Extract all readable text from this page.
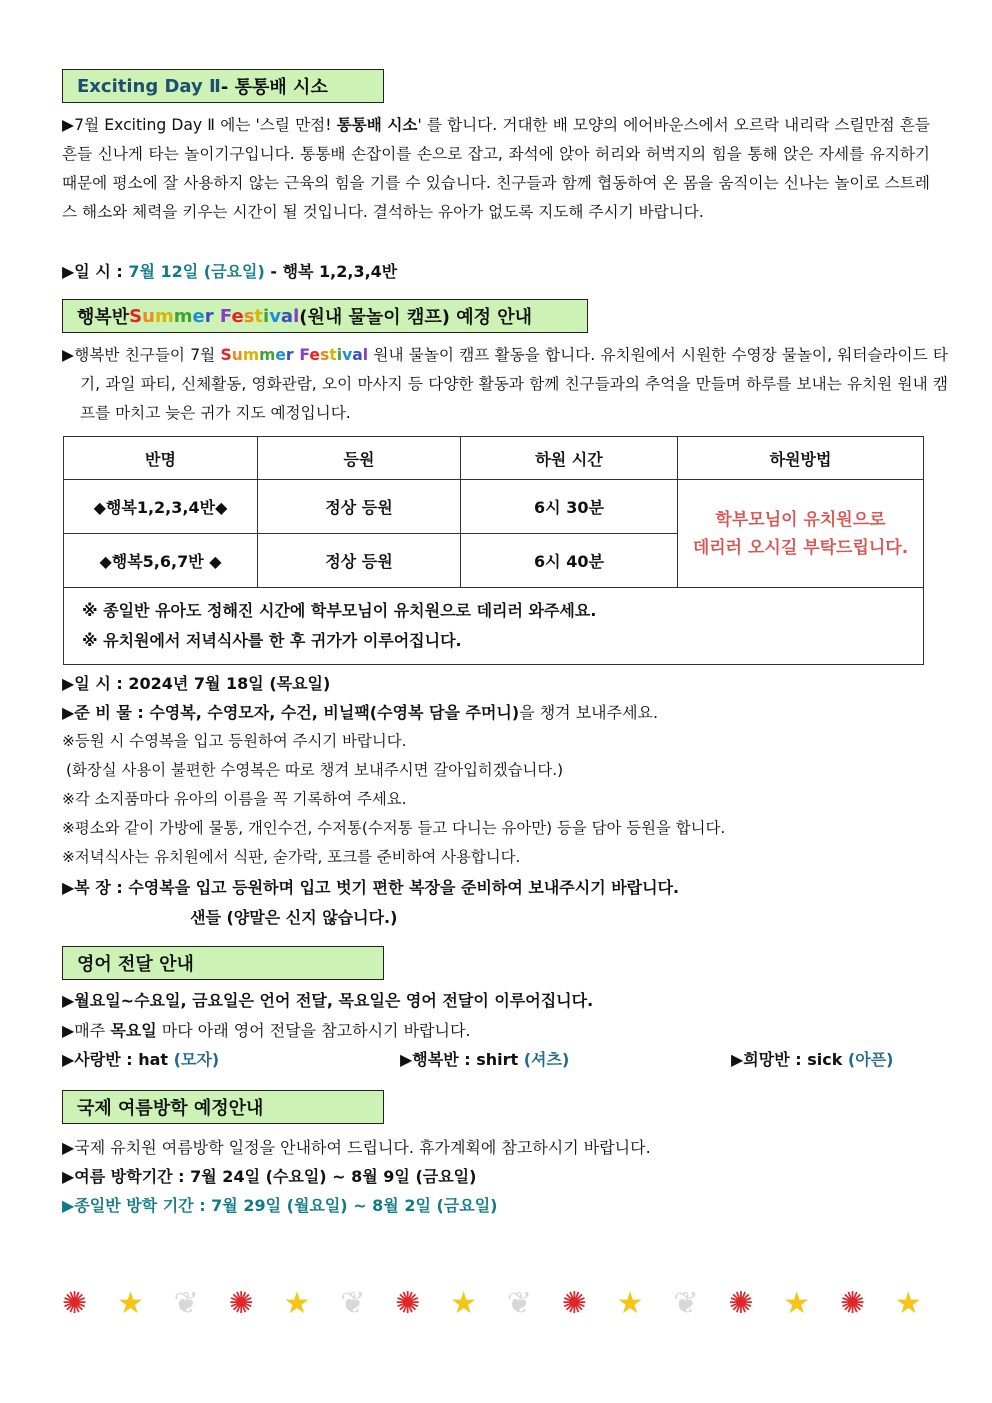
Exciting Day Ⅱ - 통통배 시소
▶7월 Exciting Day Ⅱ 에는 '스릴 만점! 통통배 시소' 를 합니다. 거대한 배 모양의 에어바운스에서 오르락 내리락 스릴만점 흔들흔들 신나게 타는 놀이기구입니다. 통통배 손잡이를 손으로 잡고, 좌석에 앉아 허리와 허벅지의 힘을 통해 앉은 자세를 유지하기 때문에 평소에 잘 사용하지 않는 근육의 힘을 기를 수 있습니다. 친구들과 함께 협동하여 온 몸을 움직이는 신나는 놀이로 스트레스 해소와 체력을 키우는 시간이 될 것입니다. 결석하는 유아가 없도록 지도해 주시기 바랍니다.
▶일 시 : 7월 12일 (금요일) - 행복 1,2,3,4반
행복반 Summer Festival (원내 물놀이 캠프) 예정 안내
▶행복반 친구들이 7월 Summer Festival 원내 물놀이 캠프 활동을 합니다. 유치원에서 시원한 수영장 물놀이, 워터슬라이드 타기, 과일 파티, 신체활동, 영화관람, 오이 마사지 등 다양한 활동과 함께 친구들과의 추억을 만들며 하루를 보내는 유치원 원내 캠프를 마치고 늦은 귀가 지도 예정입니다.
반명	등원	하원 시간	하원방법
◆행복1,2,3,4반◆	정상 등원	6시 30분	학부모님이 유치원으로
데리러 오시길 부탁드립니다.

◆행복5,6,7반 ◆	정상 등원	6시 40분	

※ 종일반 유아도 정해진 시간에 학부모님이 유치원으로 데리러 와주세요.
※ 유치원에서 저녁식사를 한 후 귀가가 이루어집니다.			
▶일 시 : 2024년 7월 18일 (목요일)
▶준 비 물 : 수영복, 수영모자, 수건, 비닐팩(수영복 담을 주머니)을 챙겨 보내주세요.
※등원 시 수영복을 입고 등원하여 주시기 바랍니다.
(화장실 사용이 불편한 수영복은 따로 챙겨 보내주시면 갈아입히겠습니다.)
※각 소지품마다 유아의 이름을 꼭 기록하여 주세요.
※평소와 같이 가방에 물통, 개인수건, 수저통(수저통 들고 다니는 유아만) 등을 담아 등원을 합니다.
※저녁식사는 유치원에서 식판, 숟가락, 포크를 준비하여 사용합니다.
▶복 장 : 수영복을 입고 등원하며 입고 벗기 편한 복장을 준비하여 보내주시기 바랍니다.
샌들 (양말은 신지 않습니다.)
영어 전달 안내
▶월요일~수요일, 금요일은 언어 전달, 목요일은 영어 전달이 이루어집니다.
▶매주 목요일 마다 아래 영어 전달을 참고하시기 바랍니다.
▶사랑반 : hat (모자)	▶행복반 : shirt (셔츠)	▶희망반 : sick (아픈)
국제 여름방학 예정안내
▶국제 유치원 여름방학 일정을 안내하여 드립니다. 휴가계획에 참고하시기 바랍니다.
▶여름 방학기간 : 7월 24일 (수요일) ~ 8월 9일 (금요일)
▶종일반 방학 기간 : 7월 29일 (월요일) ~ 8월 2일 (금요일)
✺ ★ ❦ ✺ ★ ❦ ✺ ★ ❦ ✺ ★ ❦ ✺ ★ ✺ ★
